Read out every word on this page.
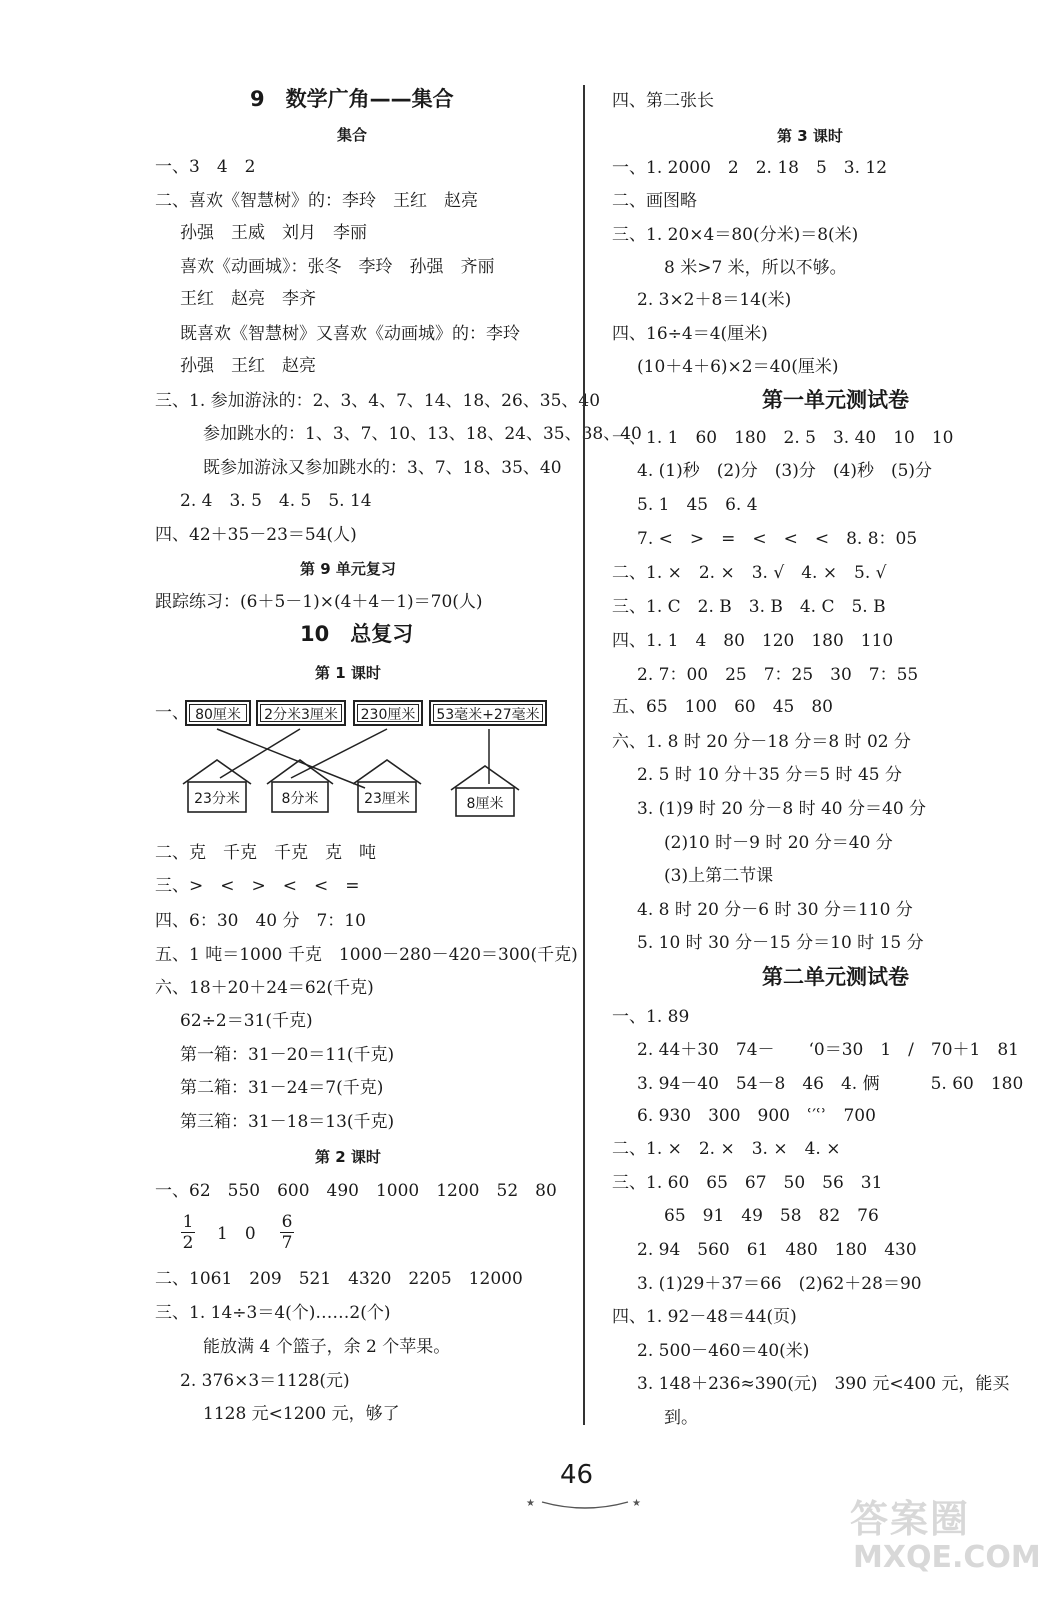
9　数学广角——集合
集合
一、3　4　2
二、喜欢《智慧树》的：李玲　王红　赵亮
孙强　王威　刘月　李丽
喜欢《动画城》：张冬　李玲　孙强　齐丽
王红　赵亮　李齐
既喜欢《智慧树》又喜欢《动画城》的：李玲
孙强　王红　赵亮
三、1. 参加游泳的：2、3、4、7、14、18、26、35、40
参加跳水的：1、3、7、10、13、18、24、35、38、40
既参加游泳又参加跳水的：3、7、18、35、40
2. 4　3. 5　4. 5　5. 14
四、42＋35－23＝54(人)
第 9 单元复习
跟踪练习：(6＋5－1)×(4＋4－1)＝70(人)
10　总复习
第 1 课时
一、 80厘米	2分米3厘米	230厘米	53毫米+27毫米
23分米	8分米	23厘米	8厘米
二、克　千克　千克　克　吨
三、>　<　>　<　<　=
四、6：30　40 分　7：10
五、1 吨＝1000 千克　1000－280－420＝300(千克)
六、18＋20＋24＝62(千克)
62÷2＝31(千克)
第一箱：31－20＝11(千克)
第二箱：31－24＝7(千克)
第三箱：31－18＝13(千克)
第 2 课时
一、62　550　600　490　1000　1200　52　80
1
2 1　0
6
7
二、1061　209　521　4320　2205　12000
三、1. 14÷3＝4(个)……2(个)
能放满 4 个篮子，余 2 个苹果。
2. 376×3＝1128(元)
1128 元<1200 元，够了
四、第二张长
第 3 课时
一、1. 2000　2　2. 18　5　3. 12
二、画图略
三、1. 20×4＝80(分米)＝8(米)
8 米>7 米，所以不够。
2. 3×2＋8＝14(米)
四、16÷4＝4(厘米)
(10＋4＋6)×2＝40(厘米)
第一单元测试卷
一、1. 1　60　180　2. 5　3. 40　10　10
4. (1)秒　(2)分　(3)分　(4)秒　(5)分
5. 1　45　6. 4
7. <　>　=　<　<　<　8. 8：05
二、1. ×　2. ×　3. √　4. ×　5. √
三、1. C　2. B　3. B　4. C　5. B
四、1. 1　4　80　120　180　110
2. 7：00　25　7：25　30　7：55
五、65　100　60　45　80
六、1. 8 时 20 分－18 分＝8 时 02 分
2. 5 时 10 分＋35 分＝5 时 45 分
3. (1)9 时 20 分－8 时 40 分＝40 分
(2)10 时－9 时 20 分＝40 分
(3)上第二节课
4. 8 时 20 分－6 时 30 分＝110 分
5. 10 时 30 分－15 分＝10 时 15 分
第二单元测试卷
一、1. 89
2. 44＋30　74－　　‘0＝30　1　/　70＋1　81
3. 94－40　54－8　46　4. 俩　　　5. 60　180
6. 930　300　900　ʿ′ʿʾ　700
二、1. ×　2. ×　3. ×　4. ×
三、1. 60　65　67　50　56　31
65　91　49　58　82　76
2. 94　560　61　480　180　430
3. (1)29＋37＝66　(2)62＋28＝90
四、1. 92－48＝44(页)
2. 500－460＝40(米)
3. 148＋236≈390(元)　390 元<400 元，能买
到。
46
★	★	答案圈
MXQE.COM
